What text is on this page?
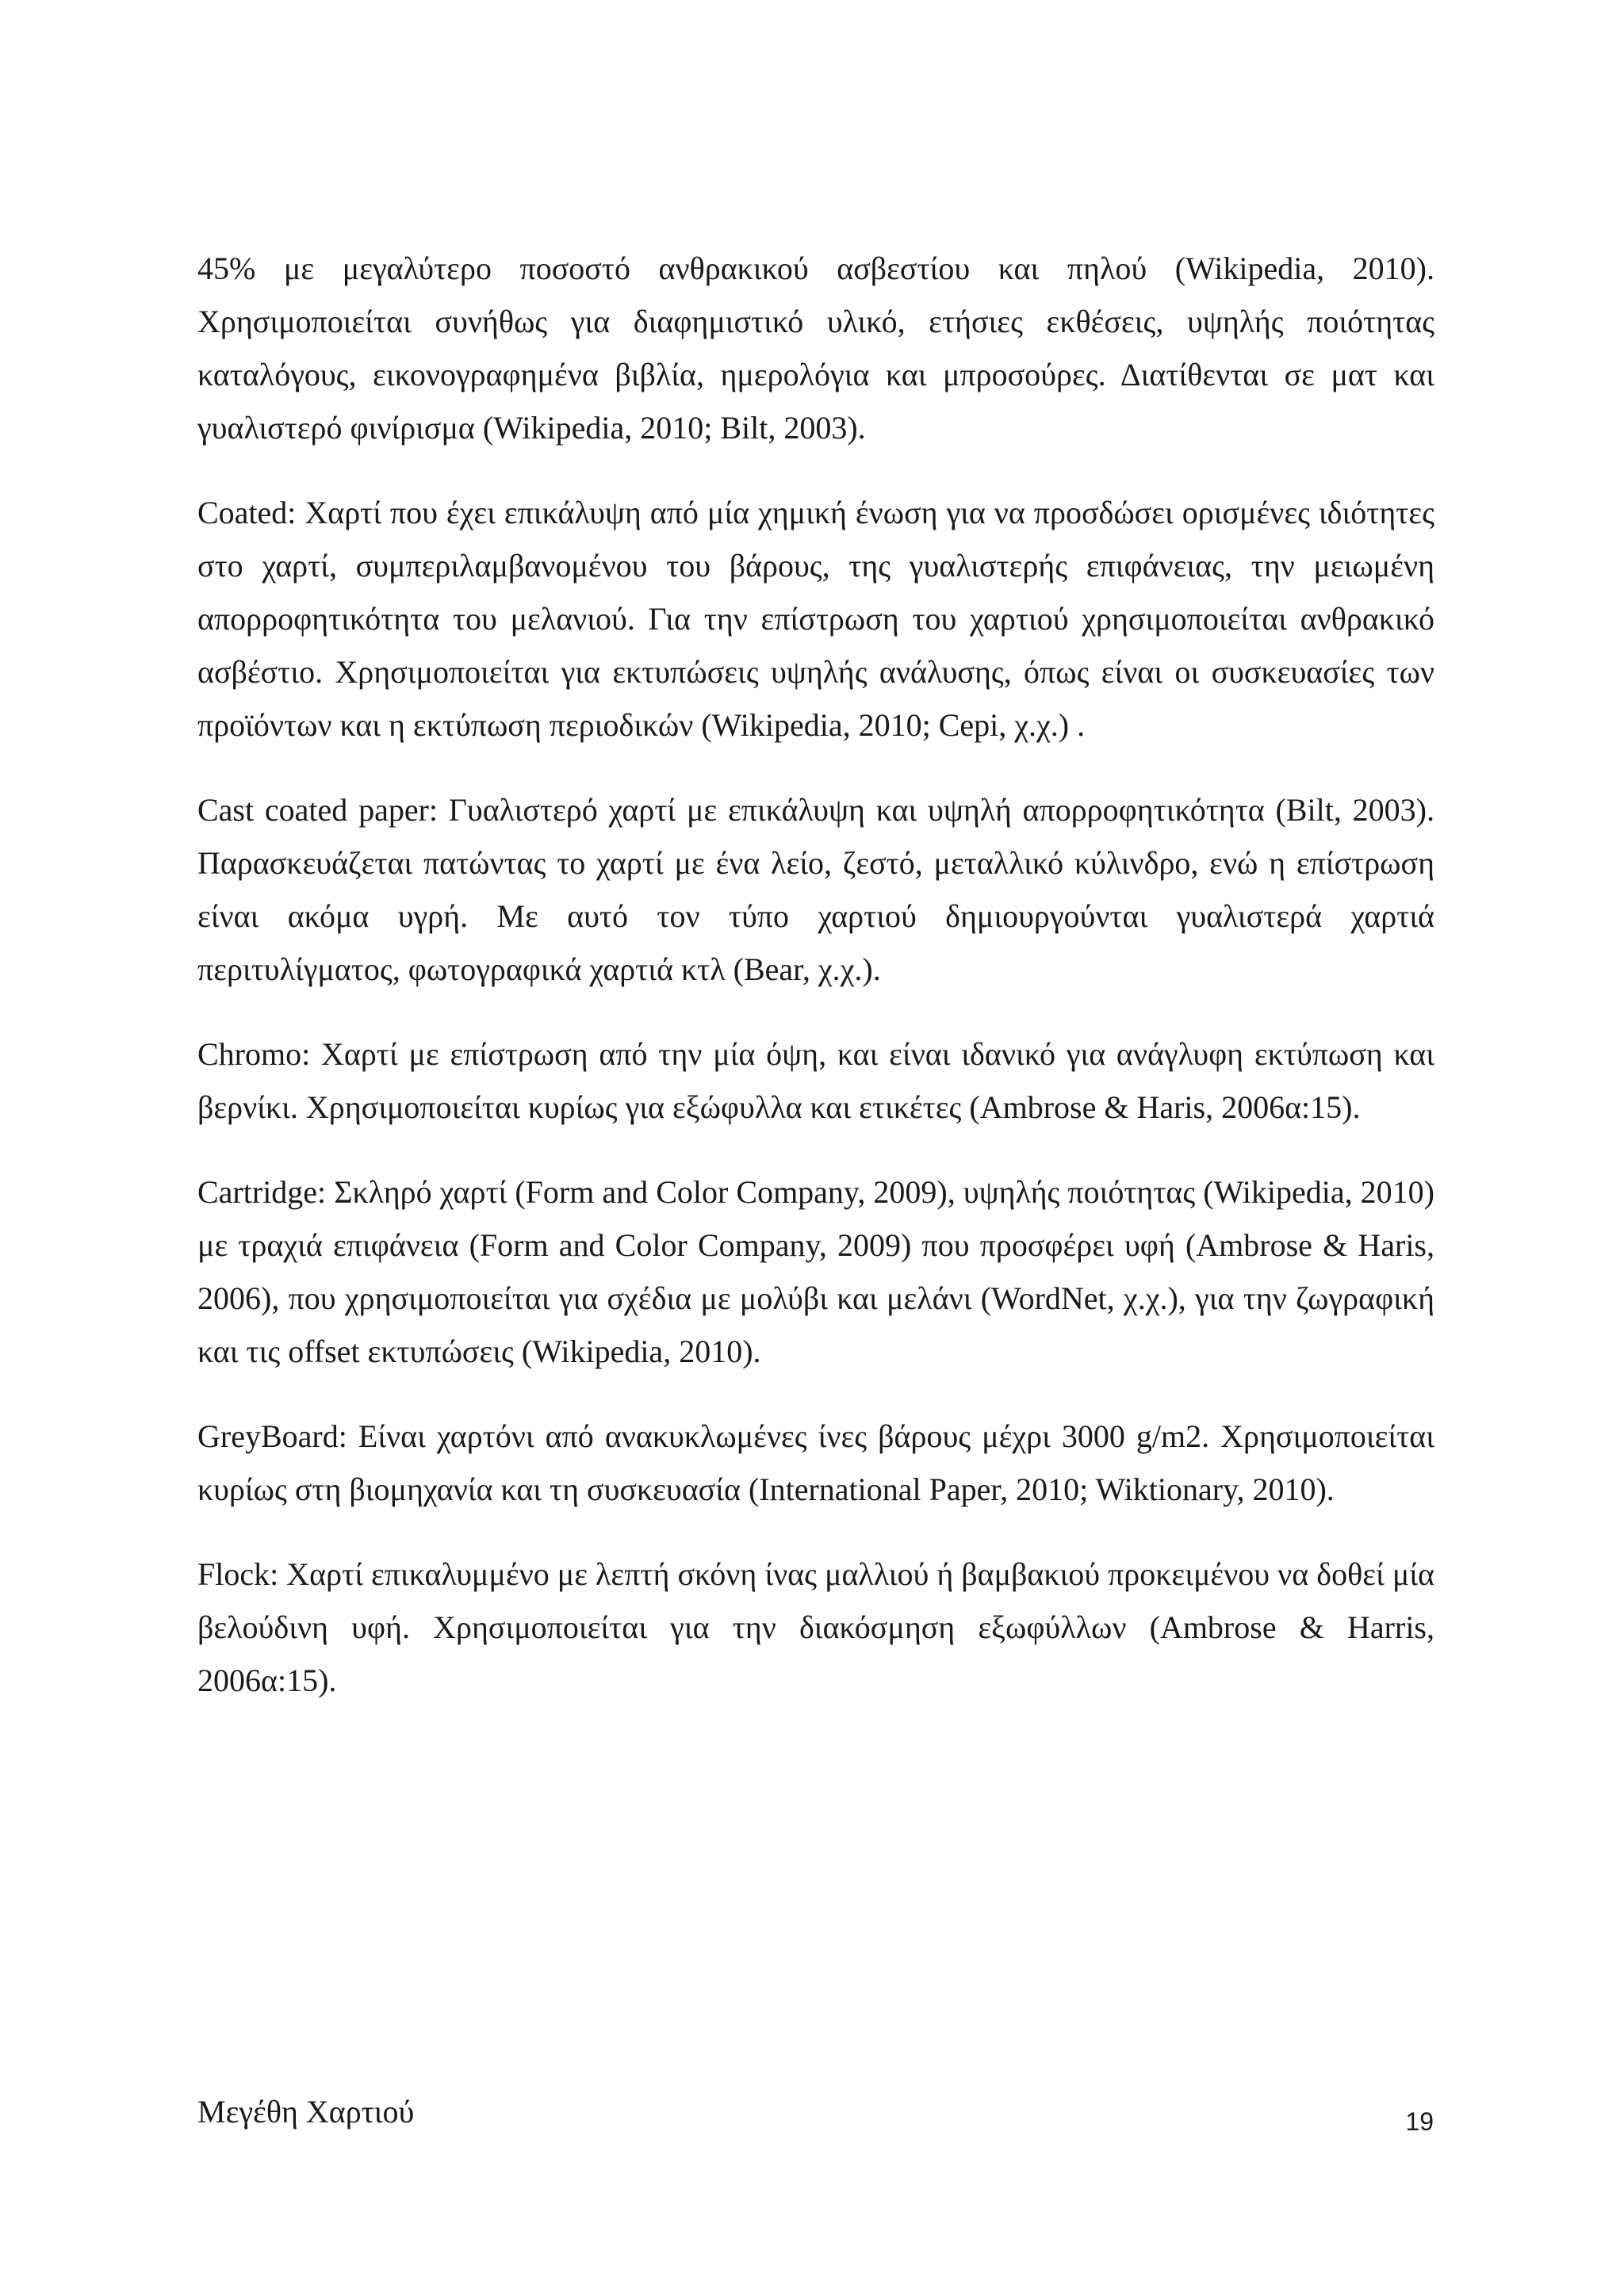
45% με μεγαλύτερο ποσοστό ανθρακικού ασβεστίου και πηλού (Wikipedia, 2010). Χρησιμοποιείται συνήθως για διαφημιστικό υλικό, ετήσιες εκθέσεις, υψηλής ποιότητας καταλόγους, εικονογραφημένα βιβλία, ημερολόγια και μπροσούρες. Διατίθενται σε ματ και γυαλιστερό φινίρισμα (Wikipedia, 2010; Bilt, 2003).

Coated: Χαρτί που έχει επικάλυψη από μία χημική ένωση για να προσδώσει ορισμένες ιδιότητες στο χαρτί, συμπεριλαμβανομένου του βάρους, της γυαλιστερής επιφάνειας, την μειωμένη απορροφητικότητα του μελανιού. Για την επίστρωση του χαρτιού χρησιμοποιείται ανθρακικό ασβέστιο. Χρησιμοποιείται για εκτυπώσεις υψηλής ανάλυσης, όπως είναι οι συσκευασίες των προϊόντων και η εκτύπωση περιοδικών (Wikipedia, 2010; Cepi, χ.χ.) .

Cast coated paper: Γυαλιστερό χαρτί με επικάλυψη και υψηλή απορροφητικότητα (Bilt, 2003). Παρασκευάζεται πατώντας το χαρτί με ένα λείο, ζεστό, μεταλλικό κύλινδρο, ενώ η επίστρωση είναι ακόμα υγρή. Με αυτό τον τύπο χαρτιού δημιουργούνται γυαλιστερά χαρτιά περιτυλίγματος, φωτογραφικά χαρτιά κτλ (Bear, χ.χ.).

Chromo: Χαρτί με επίστρωση από την μία όψη, και είναι ιδανικό για ανάγλυφη εκτύπωση και βερνίκι. Χρησιμοποιείται κυρίως για εξώφυλλα και ετικέτες (Ambrose & Haris, 2006α:15).

Cartridge: Σκληρό χαρτί (Form and Color Company, 2009), υψηλής ποιότητας (Wikipedia, 2010) με τραχιά επιφάνεια (Form and Color Company, 2009) που προσφέρει υφή (Ambrose & Haris, 2006), που χρησιμοποιείται για σχέδια με μολύβι και μελάνι (WordNet, χ.χ.), για την ζωγραφική και τις offset εκτυπώσεις (Wikipedia, 2010).

GreyBoard: Είναι χαρτόνι από ανακυκλωμένες ίνες βάρους μέχρι 3000 g/m2. Χρησιμοποιείται κυρίως στη βιομηχανία και τη συσκευασία (International Paper, 2010; Wiktionary, 2010).

Flock: Χαρτί επικαλυμμένο με λεπτή σκόνη ίνας μαλλιού ή βαμβακιού προκειμένου να δοθεί μία βελούδινη υφή. Χρησιμοποιείται για την διακόσμηση εξωφύλλων (Ambrose & Harris, 2006α:15).

Μεγέθη Χαρτιού	19
